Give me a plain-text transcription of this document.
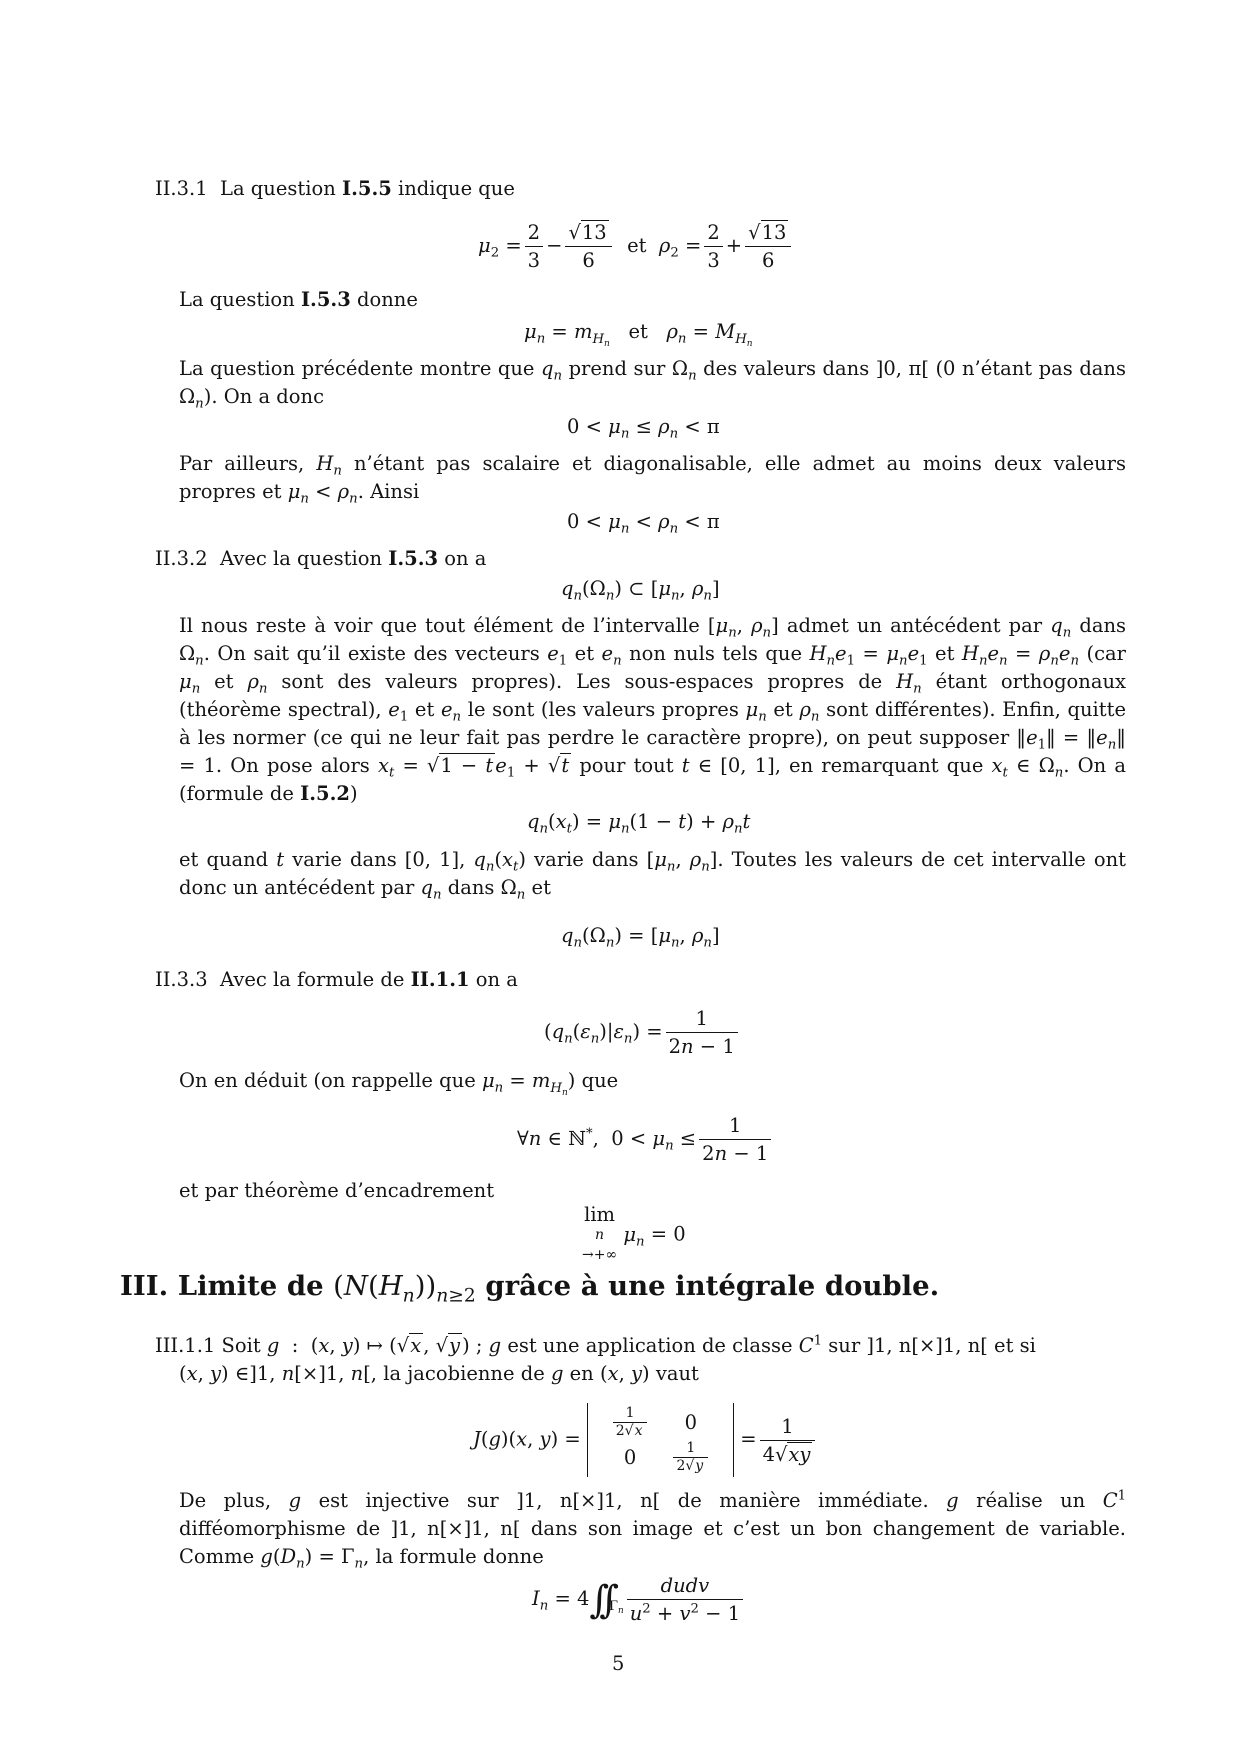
II.3.1 La question I.5.5 indique que
$\mu_2 = \frac{2}{3} - \frac{√13}{6}$ et $\rho_2 = \frac{2}{3} + \frac{√13}{6}$
La question I.5.3 donne
$\mu_n = m_{H_n}$   et $\rho_n = M_{H_n}$

La question précédente montre que $q_n$ prend sur $\Omega_n$ des valeurs dans ]0, π[ (0 n’étant pas dans $\Omega_n$). On a donc

$0 < \mu_n \le \rho_n < \pi$

Par ailleurs, $H_n$ n’étant pas scalaire et diagonalisable, elle admet au moins deux valeurs propres et $\mu_n < \rho_n$. Ainsi

$0 < \mu_n < \rho_n < \pi$
II.3.2 Avec la question I.5.3 on a
$q_n(\Omega_n)$ ⊂ [$\mu_n$, $\rho_n$]

Il nous reste à voir que tout élément de l’intervalle [$\mu_n$, $\rho_n$] admet un antécédent par $q_n$ dans $\Omega_n$. On sait qu’il existe des vecteurs $e_1$ et $e_n$ non nuls tels que $H_ne_1 = \mu_ne_1$ et $H_ne_n = \rho_ne_n$ (car $\mu_n$ et $\rho_n$ sont des valeurs propres). Les sous-espaces propres de $H_n$ étant orthogonaux (théorème spectral), $e_1$ et $e_n$ le sont (les valeurs propres $\mu_n$ et $\rho_n$ sont différentes). Enfin, quitte à les normer (ce qui ne leur fait pas perdre le caractère propre), on peut supposer $‖e_1‖$ = $‖e_n‖ = 1$. On pose alors $x_t = √1 - t$ $e_1 + √t$ pour tout t ∈ [0, 1], en remarquant que $x_t$ ∈ $\Omega_n$. On a (formule de I.5.2)

$q_n(x_t) = \mu_n(1 - t) + \rho_nt$

et quand t varie dans [0, 1], $q_n(x_t)$ varie dans [$\mu_n$, $\rho_n$]. Toutes les valeurs de cet intervalle ont donc un antécédent par $q_n$ dans $\Omega_n$ et

$q_n(\Omega_n) = [\mu_n$, $\rho_n$]
II.3.3 Avec la formule de II.1.1 on a
$(q_n(\varepsilon_n)|\varepsilon_n) = \frac{1}{2n - 1}$
On en déduit (on rappelle que $\mu_n = m_{H_n}$) que
∀n ∈ ℕ*,  $0 < \mu_n \le \frac{1}{2n - 1}$
et par théorème d’encadrement
lim
n
→+∞
$\mu_n = 0$
III. Limite de $(N(H_n))_{n\ge 2}$ grâce à une intégrale double.
III.1.1 Soit g  :  (x, y) ↦ (√x , √y ) ; g est une application de classe $C^1$ sur ]1, n[×]1, n[ et si
(x, y) ∈]1, n[×]1, n[, la jacobienne de g en (x, y) vaut
J(g)(x, $y) = \frac{1}{2√x}$	0
0	$\frac{1}{2√y}$
= $\frac{1}{4√xy}$

De plus, g est injective sur ]1, n[×]1, n[ de manière immédiate. g réalise un $C^1$ difféomorphisme de ]1, n[×]1, n[ dans son image et c’est un bon changement de variable. Comme $g(D_n) = \Gamma_n$, la formule donne

$I_n = 4\int\int_{\Gamma_n} \frac{\text{dudv}}{u^2 + v^2 - 1}$
5
